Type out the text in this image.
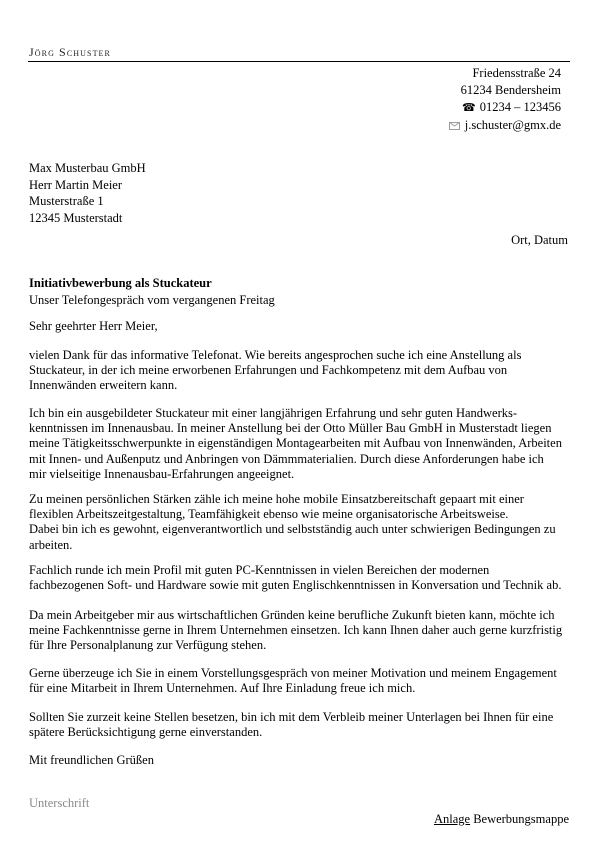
Jörg Schuster
Friedensstraße 24
61234 Bendersheim
☎ 01234 – 123456
j.schuster@gmx.de
Max Musterbau GmbH
Herr Martin Meier
Musterstraße 1
12345 Musterstadt
Ort, Datum
Initiativbewerbung als Stuckateur
Unser Telefongespräch vom vergangenen Freitag
Sehr geehrter Herr Meier,
vielen Dank für das informative Telefonat. Wie bereits angesprochen suche ich eine Anstellung als
Stuckateur, in der ich meine erworbenen Erfahrungen und Fachkompetenz mit dem Aufbau von
Innenwänden erweitern kann.
Ich bin ein ausgebildeter Stuckateur mit einer langjährigen Erfahrung und sehr guten Handwerks-
kenntnissen im Innenausbau. In meiner Anstellung bei der Otto Müller Bau GmbH in Musterstadt liegen
meine Tätigkeitsschwerpunkte in eigenständigen Montagearbeiten mit Aufbau von Innenwänden, Arbeiten
mit Innen- und Außenputz und Anbringen von Dämmmaterialien. Durch diese Anforderungen habe ich
mir vielseitige Innenausbau-Erfahrungen angeeignet.
Zu meinen persönlichen Stärken zähle ich meine hohe mobile Einsatzbereitschaft gepaart mit einer
flexiblen Arbeitszeitgestaltung, Teamfähigkeit ebenso wie meine organisatorische Arbeitsweise.
Dabei bin ich es gewohnt, eigenverantwortlich und selbstständig auch unter schwierigen Bedingungen zu
arbeiten.
Fachlich runde ich mein Profil mit guten PC-Kenntnissen in vielen Bereichen der modernen
fachbezogenen Soft- und Hardware sowie mit guten Englischkenntnissen in Konversation und Technik ab.
Da mein Arbeitgeber mir aus wirtschaftlichen Gründen keine berufliche Zukunft bieten kann, möchte ich
meine Fachkenntnisse gerne in Ihrem Unternehmen einsetzen. Ich kann Ihnen daher auch gerne kurzfristig
für Ihre Personalplanung zur Verfügung stehen.
Gerne überzeuge ich Sie in einem Vorstellungsgespräch von meiner Motivation und meinem Engagement
für eine Mitarbeit in Ihrem Unternehmen. Auf Ihre Einladung freue ich mich.
Sollten Sie zurzeit keine Stellen besetzen, bin ich mit dem Verbleib meiner Unterlagen bei Ihnen für eine
spätere Berücksichtigung gerne einverstanden.
Mit freundlichen Grüßen
Unterschrift
Anlage Bewerbungsmappe
